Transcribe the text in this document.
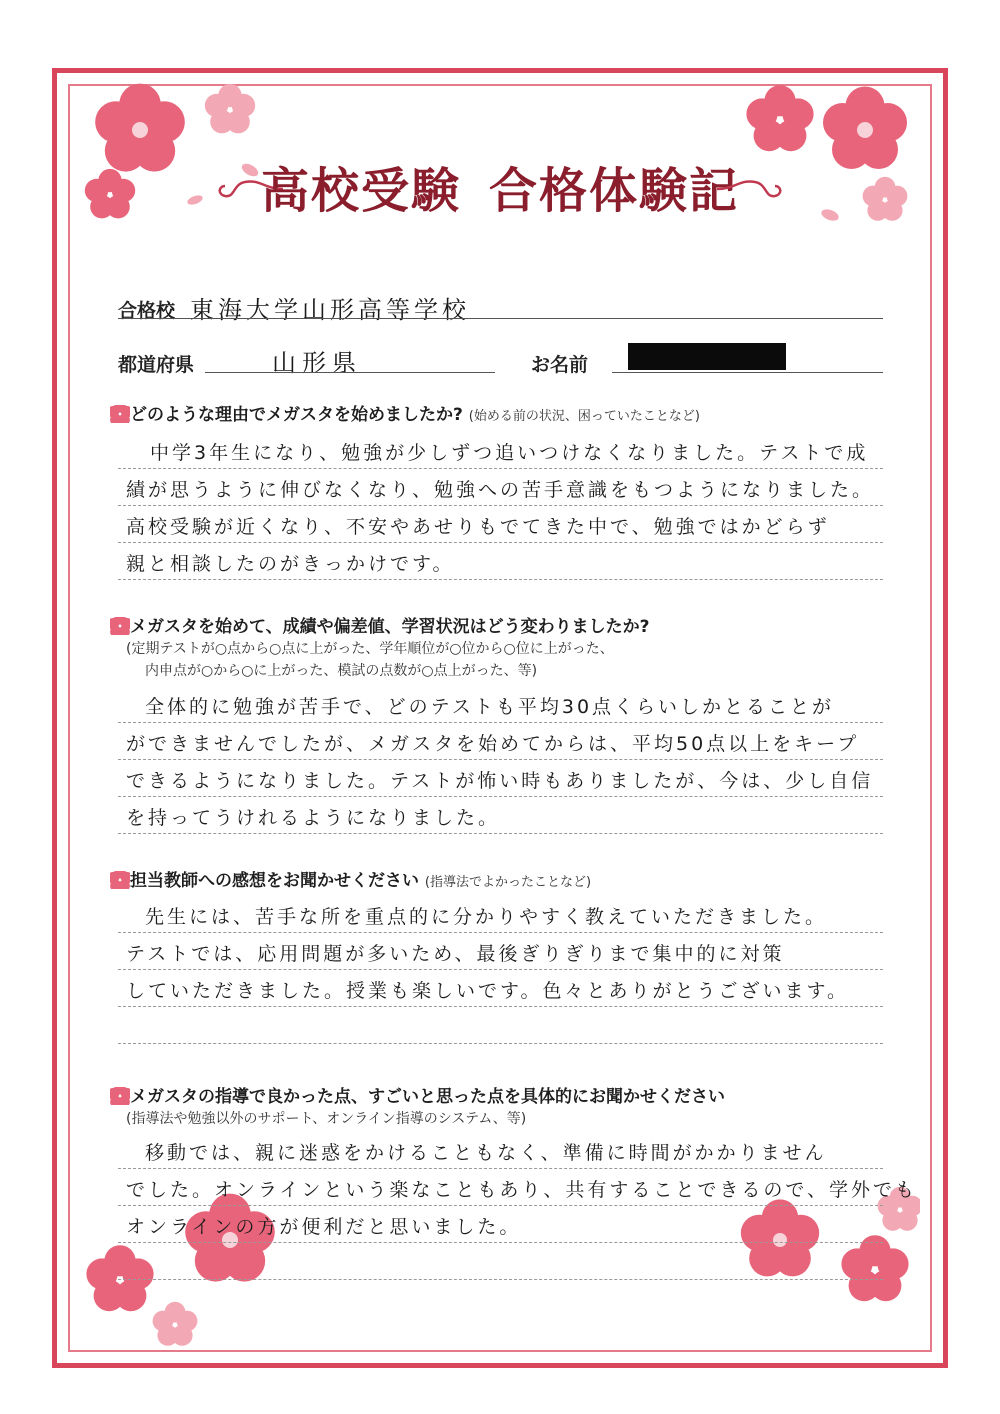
高校受験 合格体験記
合格校 東海大学山形高等学校
都道府県	山形県	お名前
どのような理由でメガスタを始めましたか? (始める前の状況、困っていたことなど)
中学3年生になり、勉強が少しずつ追いつけなくなりました。テストで成
績が思うように伸びなくなり、勉強への苦手意識をもつようになりました。
高校受験が近くなり、不安やあせりもでてきた中で、勉強ではかどらず
親と相談したのがきっかけです。
メガスタを始めて、成績や偏差値、学習状況はどう変わりましたか?
(定期テストが○点から○点に上がった、学年順位が○位から○位に上がった、
内申点が○から○に上がった、模試の点数が○点上がった、等)
全体的に勉強が苦手で、どのテストも平均30点くらいしかとることが
ができませんでしたが、メガスタを始めてからは、平均50点以上をキープ
できるようになりました。テストが怖い時もありましたが、今は、少し自信
を持ってうけれるようになりました。
担当教師への感想をお聞かせください (指導法でよかったことなど)
先生には、苦手な所を重点的に分かりやすく教えていただきました。
テストでは、応用問題が多いため、最後ぎりぎりまで集中的に対策
していただきました。授業も楽しいです。色々とありがとうございます。
メガスタの指導で良かった点、すごいと思った点を具体的にお聞かせください
(指導法や勉強以外のサポート、オンライン指導のシステム、等)
移動では、親に迷惑をかけることもなく、準備に時間がかかりません
でした。オンラインという楽なこともあり、共有することできるので、学外でも
オンラインの方が便利だと思いました。
